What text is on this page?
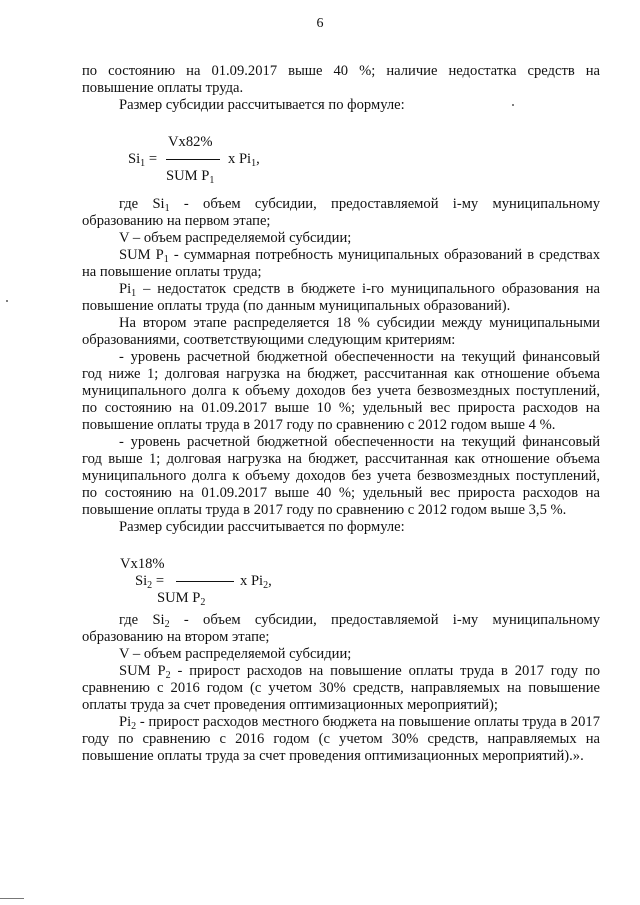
6

по состоянию на 01.09.2017 выше 40 %; наличие недостатка средств на повышение оплаты труда.

Размер субсидии рассчитывается по формуле:

Vx82%
$Si_1$ =	x $Pi_1$,
SUM $P_1$

где $Si_1$ - объем субсидии, предоставляемой i-му муниципальному образованию на первом этапе;

V – объем распределяемой субсидии;

SUM $P_1$ - суммарная потребность муниципальных образований в средствах на повышение оплаты труда;

$Pi_1$ – недостаток средств в бюджете i-го муниципального образования на повышение оплаты труда (по данным муниципальных образований).

На втором этапе распределяется 18 % субсидии между муниципальными образованиями, соответствующими следующим критериям:

- уровень расчетной бюджетной обеспеченности на текущий финансовый год ниже 1; долговая нагрузка на бюджет, рассчитанная как отношение объема муниципального долга к объему доходов без учета безвозмездных поступлений, по состоянию на 01.09.2017 выше 10 %; удельный вес прироста расходов на повышение оплаты труда в 2017 году по сравнению с 2012 годом выше 4 %.

- уровень расчетной бюджетной обеспеченности на текущий финансовый год выше 1; долговая нагрузка на бюджет, рассчитанная как отношение объема муниципального долга к объему доходов без учета безвозмездных поступлений, по состоянию на 01.09.2017 выше 40 %; удельный вес прироста расходов на повышение оплаты труда в 2017 году по сравнению с 2012 годом выше 3,5 %.

Размер субсидии рассчитывается по формуле:

Vx18%
$Si_2$ =	x $Pi_2$,
SUM $P_2$

где $Si_2$ - объем субсидии, предоставляемой i-му муниципальному образованию на втором этапе;

V – объем распределяемой субсидии;

SUM $P_2$ - прирост расходов на повышение оплаты труда в 2017 году по сравнению с 2016 годом (с учетом 30% средств, направляемых на повышение оплаты труда за счет проведения оптимизационных мероприятий);

$Pi_2$ - прирост расходов местного бюджета на повышение оплаты труда в 2017 году по сравнению с 2016 годом (с учетом 30% средств, направляемых на повышение оплаты труда за счет проведения оптимизационных мероприятий).».
